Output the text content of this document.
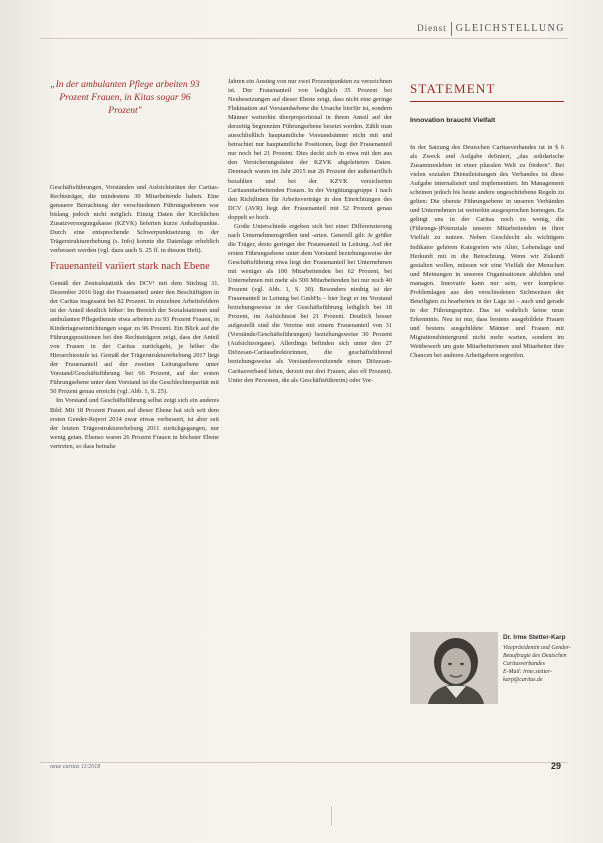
Dienst GLEICHSTELLUNG
„In der ambulanten Pflege arbeiten 93 Prozent Frauen, in Kitas sogar 96 Prozent"

Geschäftsführungen, Vorständen und Aufsichtsräten der Caritas-Rechtsträger, die mindestens 30 Mitarbeitende haben. Eine genauere Betrachtung der verschiedenen Führungsebenen war bislang jedoch nicht möglich. Einzig Daten der Kirchlichen Zusatzversorgungskasse (KZVK) lieferten kurze Anhaltspunkte. Durch eine entsprechende Schwerpunktsetzung in der Trägerstrukturerhebung (s. Info) konnte die Datenlage erheblich verbessert werden (vgl. dazu auch S. 25 ff. in diesem Heft).

Frauenanteil variiert stark nach Ebene

Gemäß der Zentralstatistik des DCV¹ mit dem Stichtag 31. Dezember 2016 liegt der Frauenanteil unter den Beschäftigten in der Caritas insgesamt bei 82 Prozent. In einzelnen Arbeitsfeldern ist der Anteil deutlich höher: Im Bereich der Sozialstationen und ambulanten Pflegedienste etwa arbeiten zu 93 Prozent Frauen, in Kindertageseinrichtungen sogar zu 96 Prozent. Ein Blick auf die Führungspositionen bei den Rechtsträgern zeigt, dass der Anteil von Frauen in der Caritas zurückgeht, je höher die Hierarchiestufe ist. Gemäß der Trägerstrukturerhebung 2017 liegt der Frauenanteil auf der zweiten Leitungsebene unter Vorstand/Geschäftsführung bei 66 Prozent, auf der ersten Führungsebene unter dem Vorstand ist die Geschlechterparität mit 50 Prozent genau erreicht (vgl. Abb. 1, S. 25).

Im Vorstand und Geschäftsführung selbst zeigt sich ein anderes Bild: Mit 18 Prozent Frauen auf dieser Ebene hat sich seit dem ersten Gender-Report 2014 zwar etwas verbessert, ist aber seit der letzten Trägerstrukturerhebung 2011 zurückgegangen, nur wenig getan. Ebenso waren 26 Prozent Frauen in höchster Ebene vertreten, so dass beinahe

Jahren ein Anstieg von nur zwei Prozentpunkten zu verzeichnen ist. Der Frauenanteil von lediglich 35 Prozent bei Neubesetzungen auf dieser Ebene zeigt, dass nicht eine geringe Fluktuation auf Vorstandsebene die Ursache hierfür ist, sondern Männer weiterhin überproportional in ihrem Anteil auf der derzeitig begrenzten Führungsebene besetzt werden. Zählt man ausschließlich hauptamtliche Vorstandsämter nicht mit und betrachtet nur hauptamtliche Positionen, liegt der Frauenanteil nur noch bei 21 Prozent. Dies deckt sich in etwa mit den aus den Versicherungsdaten der KZVK abgeleiteten Daten. Demnach waren im Jahr 2015 nur 26 Prozent der außertariflich bezahlten und bei der KZVK versicherten Caritasmitarbeitenden Frauen. In der Vergütungsgruppe 1 nach den Richtlinien für Arbeitsverträge in den Einrichtungen des DCV (AVR) liegt der Frauenanteil mit 52 Prozent genau doppelt so hoch.

Große Unterschiede ergeben sich bei einer Differenzierung nach Unternehmensgrößen und -arten. Generell gilt: Je größer die Träger, desto geringer der Frauenanteil in Leitung. Auf der ersten Führungsebene unter dem Vorstand beziehungsweise der Geschäftsführung etwa liegt der Frauenanteil bei Unternehmen mit weniger als 100 Mitarbeitenden bei 62 Prozent, bei Unternehmen mit mehr als 500 Mitarbeitenden bei nur noch 40 Prozent (vgl. Abb. 1, S. 30). Besonders niedrig ist der Frauenanteil in Leitung bei GmbHs – hier liegt er im Vorstand beziehungsweise in der Geschäftsführung lediglich bei 18 Prozent, im Aufsichtsrat bei 21 Prozent. Deutlich besser aufgestellt sind die Vereine mit einem Frauenanteil von 31 (Vorstände/Geschäftsführungen) beziehungsweise 30 Prozent (Aufsichtsorgane). Allerdings befinden sich unter den 27 Diözesan-Caritasdirektorinnen, die geschäftsführend beziehungsweise als Vorstandsvorsitzende einen Diözesan-Caritasverband leiten, derzeit nur drei Frauen, also elf Prozent). Unter den Personen, die als Geschäftsführerin) oder Vor-

STATEMENT
Innovation braucht Vielfalt

In der Satzung des Deutschen Caritasverbandes ist in § 6 als Zweck und Aufgabe definiert, „das solidarische Zusammenleben in einer pluralen Welt zu fördern". Bei vielen sozialen Dienstleistungen des Verbandes ist diese Aufgabe internalisiert und implementiert. Im Management scheinen jedoch bis heute andere ungeschriebene Regeln zu gelten: Die oberste Führungsebene in unseren Verbänden und Unternehmen ist weiterhin ausgesprochen homogen. Es gelingt uns in der Caritas noch zu wenig, die (Führungs-)Potenziale unserer Mitarbeitenden in ihrer Vielfalt zu nutzen. Neben Geschlecht als wichtigem Indikator gehören Kategorien wie Alter, Lebenslage und Herkunft mit in die Betrachtung. Wenn wir Zukunft gestalten wollen, müssen wir eine Vielfalt der Menschen und Meinungen in unseren Organisationen abbilden und managen. Innovativ kann nur sein, wer komplexe Problemlagen aus den verschiedenen Sichtweisen der Beteiligten zu bearbeiten in der Lage ist – auch und gerade in der Führungsspitze. Das ist wahrlich keine neue Erkenntnis. Neu ist nur, dass bestens ausgebildete Frauen und bestens ausgebildete Männer und Frauen mit Migrationshintergrund nicht mehr warten, sondern im Wettbewerb um gute Mitarbeiterinnen und Mitarbeiter ihre Chancen bei anderen Arbeitgebern ergreifen.

Dr. Irme Stetter-Karp
Vizepräsidentin und Gender-Beauftragte des Deutschen Caritasverbandes
E-Mail: irme.stetter-karp@caritas.de
neue caritas 11/2018	29
